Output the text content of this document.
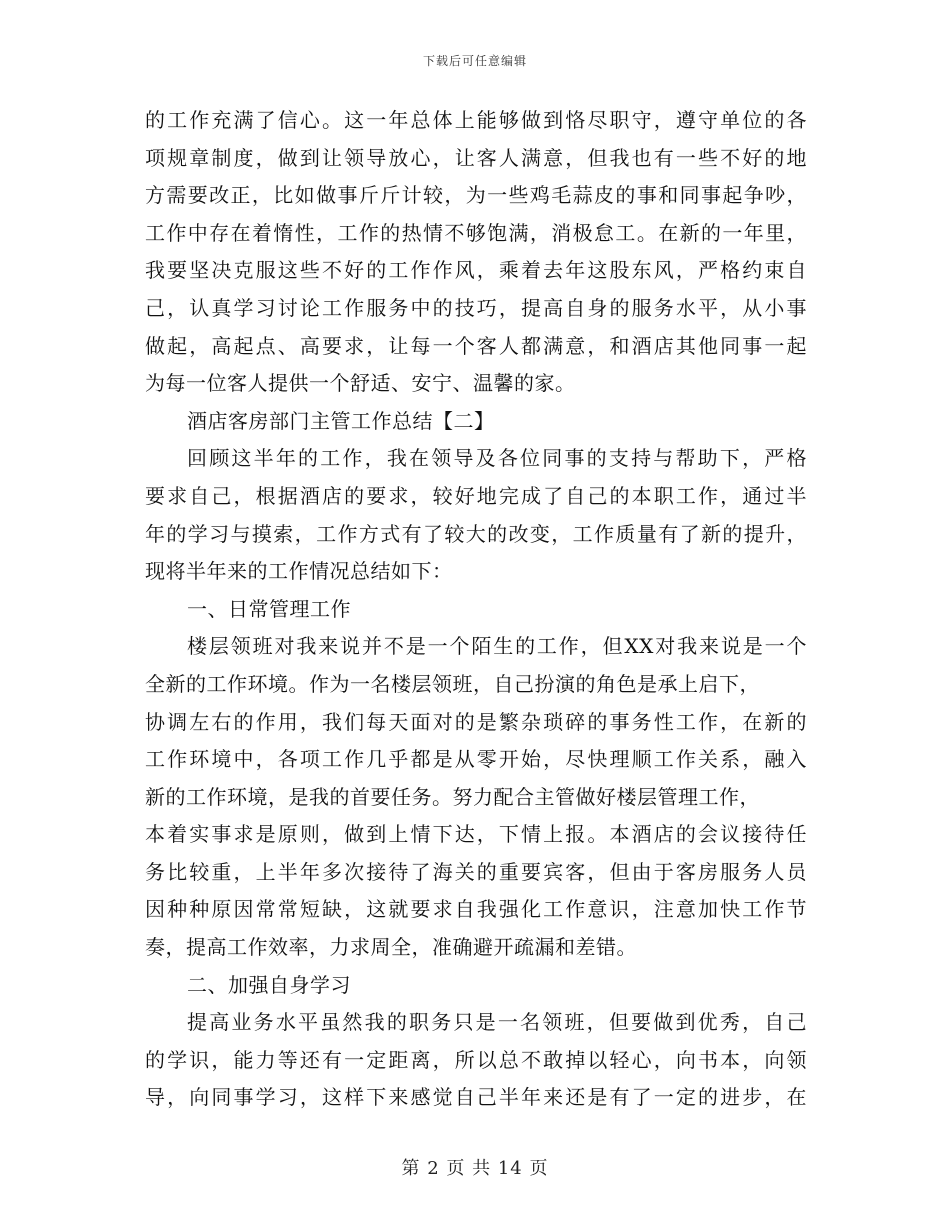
下载后可任意编辑
的工作充满了信心。这一年总体上能够做到恪尽职守，遵守单位的各
项规章制度，做到让领导放心，让客人满意，但我也有一些不好的地
方需要改正，比如做事斤斤计较，为一些鸡毛蒜皮的事和同事起争吵，
工作中存在着惰性，工作的热情不够饱满，消极怠工。在新的一年里，
我要坚决克服这些不好的工作作风，乘着去年这股东风，严格约束自
己，认真学习讨论工作服务中的技巧，提高自身的服务水平，从小事
做起，高起点、高要求，让每一个客人都满意，和酒店其他同事一起
为每一位客人提供一个舒适、安宁、温馨的家。
酒店客房部门主管工作总结【二】
回顾这半年的工作，我在领导及各位同事的支持与帮助下，严格
要求自己，根据酒店的要求，较好地完成了自己的本职工作，通过半
年的学习与摸索，工作方式有了较大的改变，工作质量有了新的提升，
现将半年来的工作情况总结如下：
一、日常管理工作
楼层领班对我来说并不是一个陌生的工作，但XX对我来说是一个
全新的工作环境。作为一名楼层领班，自己扮演的角色是承上启下，
协调左右的作用，我们每天面对的是繁杂琐碎的事务性工作，在新的
工作环境中，各项工作几乎都是从零开始，尽快理顺工作关系，融入
新的工作环境，是我的首要任务。努力配合主管做好楼层管理工作，
本着实事求是原则，做到上情下达，下情上报。本酒店的会议接待任
务比较重，上半年多次接待了海关的重要宾客，但由于客房服务人员
因种种原因常常短缺，这就要求自我强化工作意识，注意加快工作节
奏，提高工作效率，力求周全，准确避开疏漏和差错。
二、加强自身学习
提高业务水平虽然我的职务只是一名领班，但要做到优秀，自己
的学识，能力等还有一定距离，所以总不敢掉以轻心，向书本，向领
导，向同事学习，这样下来感觉自己半年来还是有了一定的进步，在
第 2 页 共 14 页
